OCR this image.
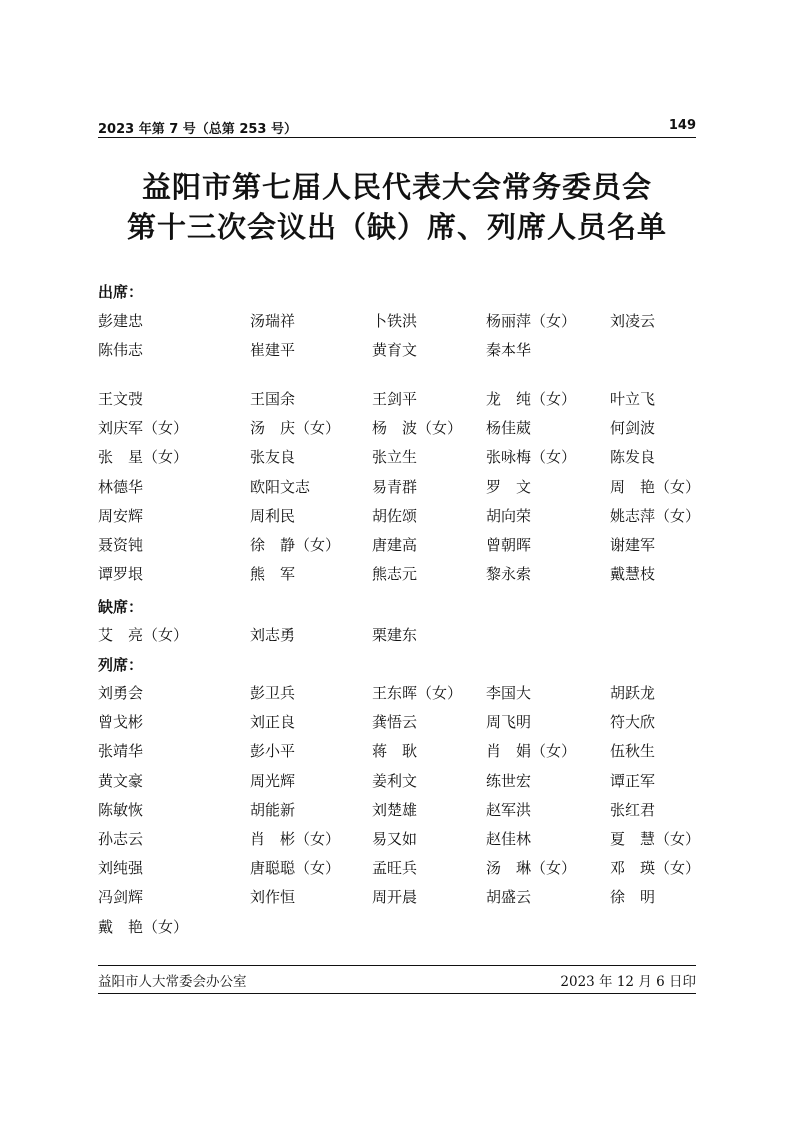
2023 年第 7 号（总第 253 号）	149
益阳市第七届人民代表大会常务委员会
第十三次会议出（缺）席、列席人员名单
出席：
彭建忠	汤瑞祥	卜铁洪	杨丽萍（女） 刘凌云
陈伟志	崔建平	黄育文	秦本华
王文弢	王国余	王剑平	龙　纯（女） 叶立飞
刘庆军（女）	汤　庆（女） 杨　波（女） 杨佳葳	何剑波
张　星（女）	张友良	张立生	张咏梅（女） 陈发良
林德华	欧阳文志	易青群	罗　文	周　艳（女）
周安辉	周利民	胡佐颂	胡向荣	姚志萍（女）
聂资钝	徐　静（女） 唐建高	曾朝晖	谢建军
谭罗垠	熊　军	熊志元	黎永索	戴慧枝
缺席：
艾　亮（女）	刘志勇	栗建东
列席：
刘勇会	彭卫兵	王东晖（女） 李国大	胡跃龙
曾戈彬	刘正良	龚悟云	周飞明	符大欣
张靖华	彭小平	蒋　耿	肖　娟（女） 伍秋生
黄文豪	周光辉	姜利文	练世宏	谭正军
陈敏恢	胡能新	刘楚雄	赵军洪	张红君
孙志云	肖　彬（女） 易又如	赵佳林	夏　慧（女）
刘纯强	唐聪聪（女） 孟旺兵	汤　琳（女） 邓　瑛（女）
冯剑辉	刘作恒	周开晨	胡盛云	徐　明
戴　艳（女）
益阳市人大常委会办公室	2023 年 12 月 6 日印
